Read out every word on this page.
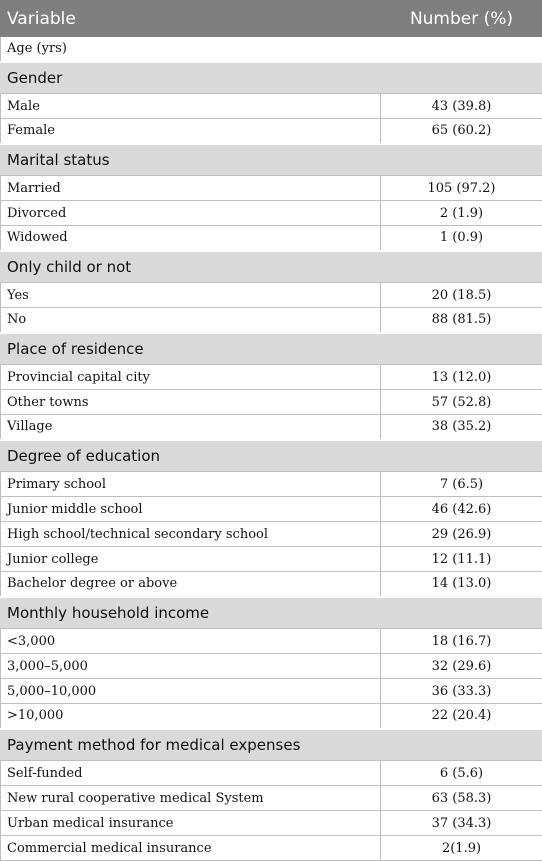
Variable	Number (%)
Age (yrs)	
Gender	
Male	43 (39.8)
Female	65 (60.2)
Marital status	
Married	105 (97.2)
Divorced	2 (1.9)
Widowed	1 (0.9)
Only child or not	
Yes	20 (18.5)
No	88 (81.5)
Place of residence	
Provincial capital city	13 (12.0)
Other towns	57 (52.8)
Village	38 (35.2)
Degree of education	
Primary school	7 (6.5)
Junior middle school	46 (42.6)
High school/technical secondary school	29 (26.9)
Junior college	12 (11.1)
Bachelor degree or above	14 (13.0)
Monthly household income	
<3,000	18 (16.7)
3,000–5,000	32 (29.6)
5,000–10,000	36 (33.3)
>10,000	22 (20.4)
Payment method for medical expenses	
Self-funded	6 (5.6)
New rural cooperative medical System	63 (58.3)
Urban medical insurance	37 (34.3)
Commercial medical insurance	2(1.9)
